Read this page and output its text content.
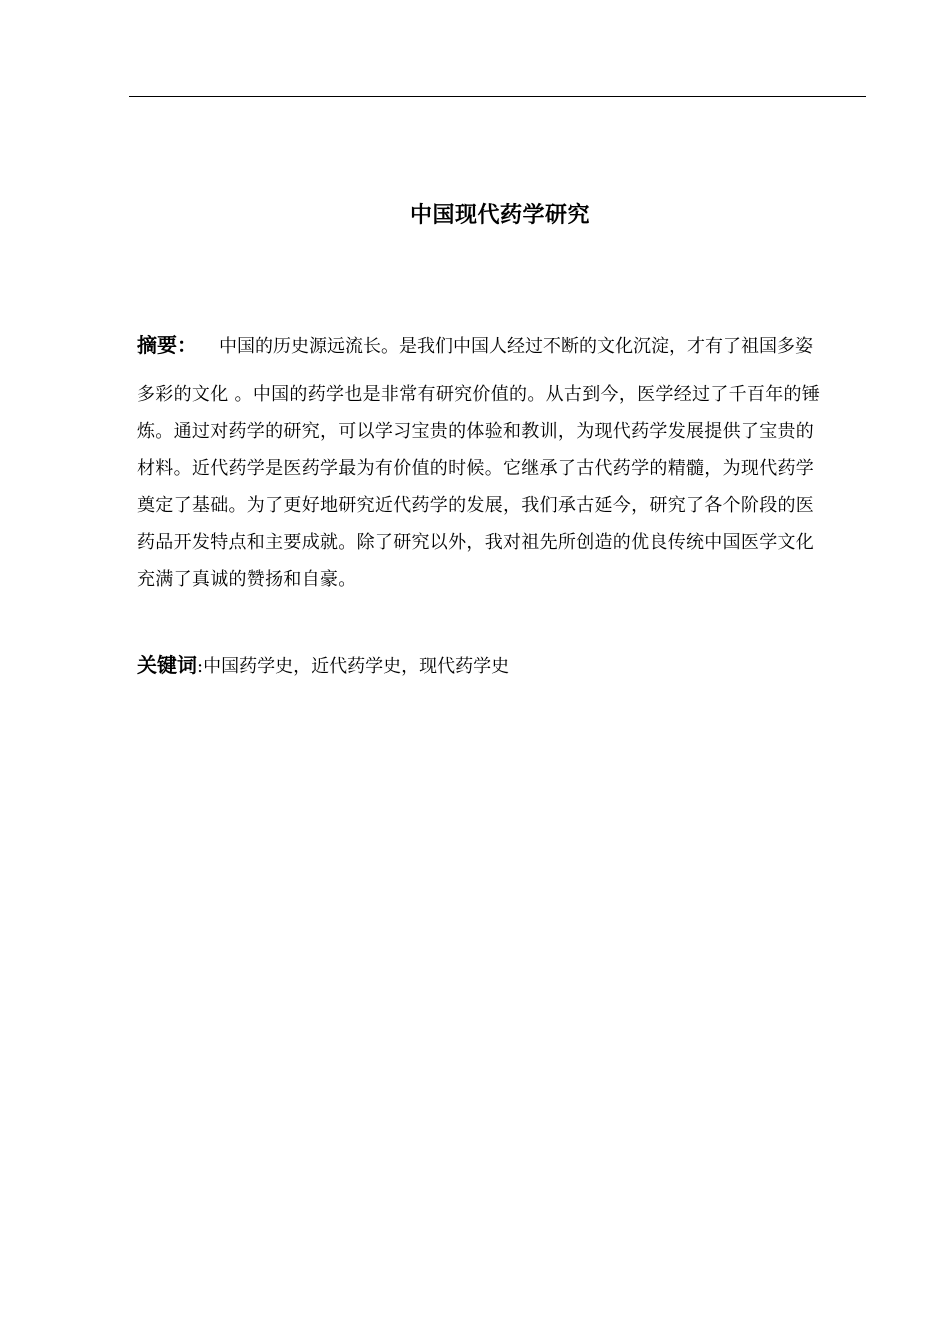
中国现代药学研究

摘要： 中国的历史源远流长。是我们中国人经过不断的文化沉淀，才有了祖国多姿

多彩的文化 。中国的药学也是非常有研究价值的。从古到今，医学经过了千百年的锤
炼。通过对药学的研究，可以学习宝贵的体验和教训，为现代药学发展提供了宝贵的
材料。近代药学是医药学最为有价值的时候。它继承了古代药学的精髓，为现代药学
奠定了基础。为了更好地研究近代药学的发展，我们承古延今，研究了各个阶段的医
药品开发特点和主要成就。除了研究以外，我对祖先所创造的优良传统中国医学文化
充满了真诚的赞扬和自豪。

关键词:中国药学史，近代药学史，现代药学史
